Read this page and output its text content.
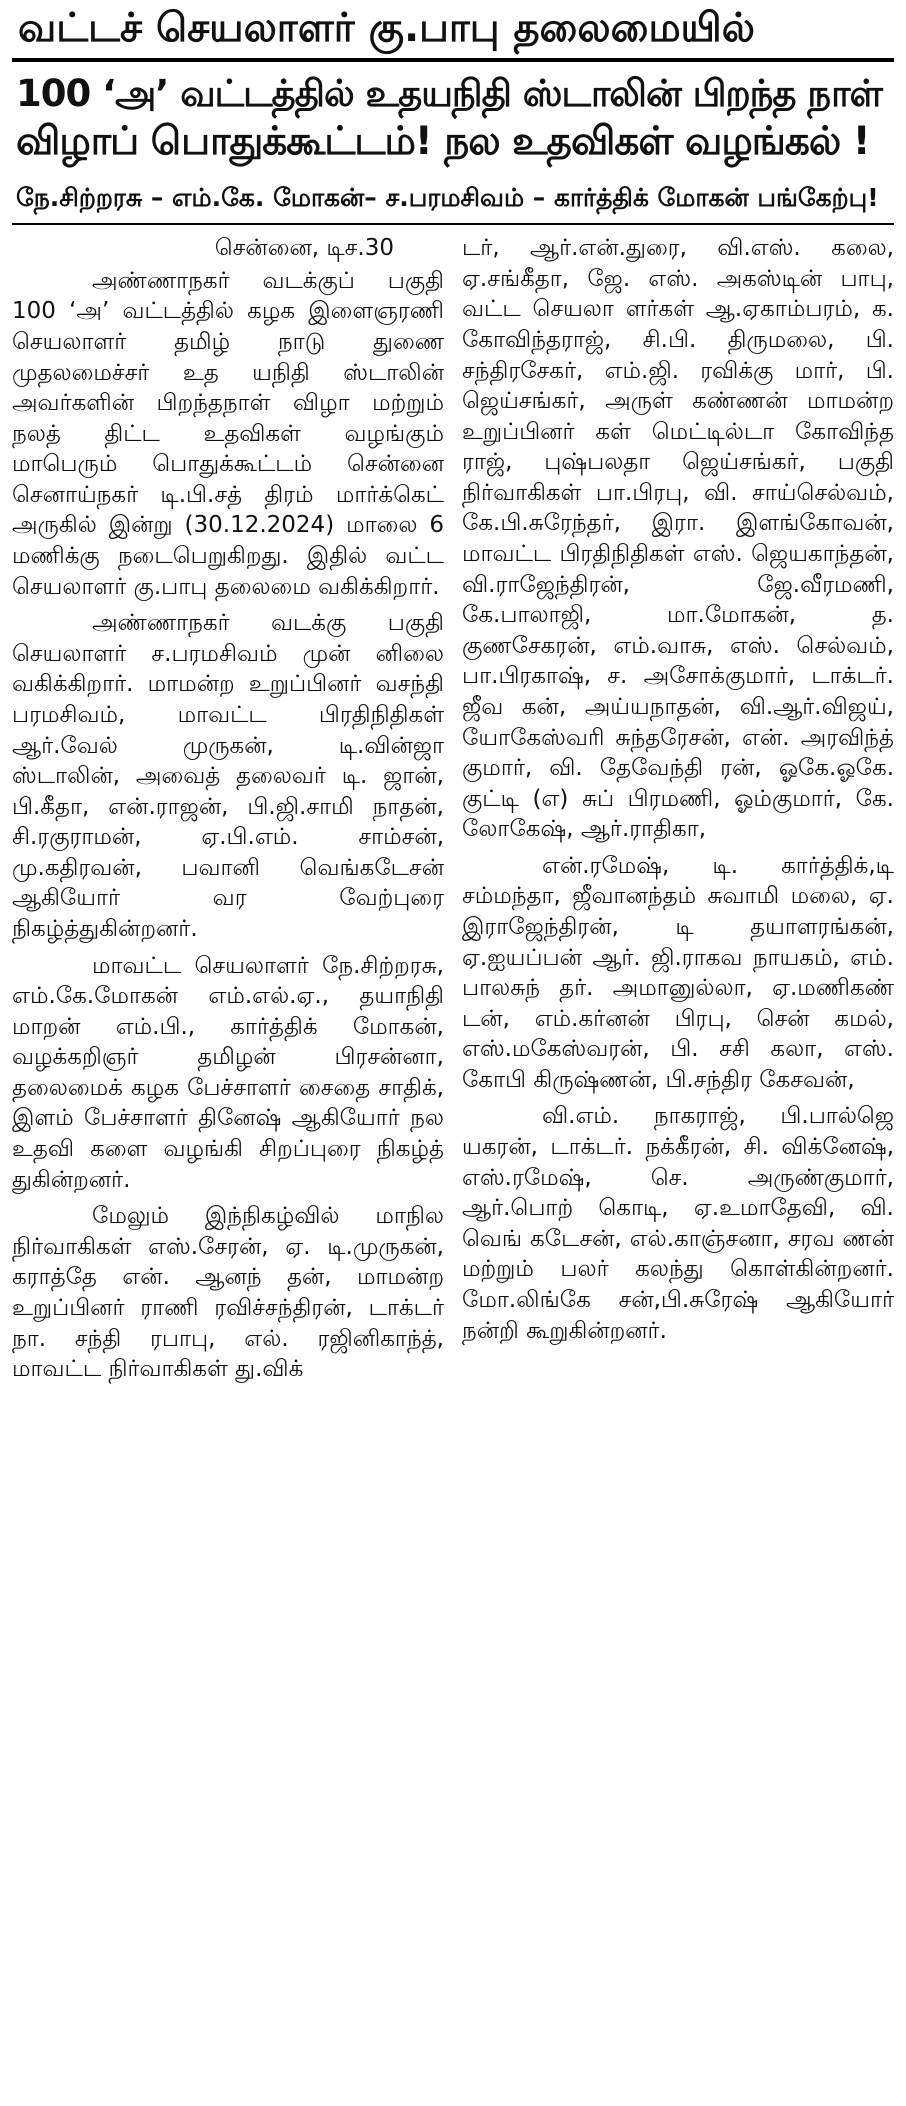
வட்டச் செயலாளர் கு.பாபு தலைமையில்
100 ‘அ’ வட்டத்தில் உதயநிதி ஸ்டாலின் பிறந்த நாள்
விழாப் பொதுக்கூட்டம்! நல உதவிகள் வழங்கல் !
நே.சிற்றரசு – எம்.கே. மோகன்– ச.பரமசிவம் – கார்த்திக் மோகன் பங்கேற்பு!

சென்னை, டிச.30

அண்ணாநகர் வடக்குப் பகுதி 100 ‘அ’ வட்டத்தில் கழக இளைஞரணி செயலாளர் தமிழ் நாடு துணை முதலமைச்சர் உத யநிதி ஸ்டாலின் அவர்களின் பிறந்தநாள் விழா மற்றும் நலத் திட்ட உதவிகள் வழங்கும் மாபெரும் பொதுக்கூட்டம் சென்னை செனாய்நகர் டி.பி.சத் திரம் மார்க்கெட் அருகில் இன்று (30.12.2024) மாலை 6 மணிக்கு நடைபெறுகிறது. இதில் வட்ட செயலாளர் கு.பாபு தலைமை வகிக்கிறார்.

அண்ணாநகர் வடக்கு பகுதி செயலாளர் ச.பரமசிவம் முன் னிலை வகிக்கிறார். மாமன்ற உறுப்பினர் வசந்தி பரமசிவம், மாவட்ட பிரதிநிதிகள் ஆர்.வேல் முருகன், டி.வின்ஜா ஸ்டாலின், அவைத் தலைவர் டி. ஜான், பி.கீதா, என்.ராஜன், பி.ஜி.சாமி நாதன், சி.ரகுராமன், ஏ.பி.எம். சாம்சன், மு.கதிரவன், பவானி வெங்கடேசன் ஆகியோர் வர வேற்புரை நிகழ்த்துகின்றனர்.

மாவட்ட செயலாளர் நே.சிற்றரசு, எம்.கே.மோகன் எம்.எல்.ஏ., தயாநிதி மாறன் எம்.பி., கார்த்திக் மோகன், வழக்கறிஞர் தமிழன் பிரசன்னா, தலைமைக் கழக பேச்சாளர் சைதை சாதிக், இளம் பேச்சாளர் தினேஷ் ஆகியோர் நல உதவி களை வழங்கி சிறப்புரை நிகழ்த் துகின்றனர்.

மேலும் இந்நிகழ்வில் மாநில நிர்வாகிகள் எஸ்.சேரன், ஏ. டி.முருகன், கராத்தே என். ஆனந் தன், மாமன்ற உறுப்பினர் ராணி ரவிச்சந்திரன், டாக்டர் நா. சந்தி ரபாபு, எல். ரஜினிகாந்த், மாவட்ட நிர்வாகிகள் து.விக்

டர், ஆர்.என்.துரை, வி.எஸ். கலை, ஏ.சங்கீதா, ஜே. எஸ். அகஸ்டின் பாபு, வட்ட செயலா ளர்கள் ஆ.ஏகாம்பரம், க. கோவிந்தராஜ், சி.பி. திருமலை, பி. சந்திரசேகர், எம்.ஜி. ரவிக்கு மார், பி. ஜெய்சங்கர், அருள் கண்ணன் மாமன்ற உறுப்பினர் கள் மெட்டில்டா கோவிந்த ராஜ், புஷ்பலதா ஜெய்சங்கர், பகுதி நிர்வாகிகள் பா.பிரபு, வி. சாய்செல்வம், கே.பி.சுரேந்தர், இரா. இளங்கோவன், மாவட்ட பிரதிநிதிகள் எஸ். ஜெயகாந்தன், வி.ராஜேந்திரன், ஜே.வீரமணி, கே.பாலாஜி, மா.மோகன், த. குணசேகரன், எம்.வாசு, எஸ். செல்வம், பா.பிரகாஷ், ச. அசோக்குமார், டாக்டர். ஜீவ கன், அய்யநாதன், வி.ஆர்.விஜய், யோகேஸ்வரி சுந்தரேசன், என். அரவிந்த் குமார், வி. தேவேந்தி ரன், ஓகே.ஓகே. குட்டி (எ) சுப் பிரமணி, ஓம்குமார், கே. லோகேஷ், ஆர்.ராதிகா,

என்.ரமேஷ், டி. கார்த்திக்,டி சம்மந்தா, ஜீவானந்தம் சுவாமி மலை, ஏ. இராஜேந்திரன், டி தயாளரங்கன், ஏ.ஐயப்பன் ஆர். ஜி.ராகவ நாயகம், எம். பாலசுந் தர். அமானுல்லா, ஏ.மணிகண் டன், எம்.கர்னன் பிரபு, சென் கமல், எஸ்.மகேஸ்வரன், பி. சசி கலா, எஸ். கோபி கிருஷ்ணன், பி.சந்திர கேசவன்,

வி.எம். நாகராஜ், பி.பால்ஜெ யகரன், டாக்டர். நக்கீரன், சி. விக்னேஷ், எஸ்.ரமேஷ், செ. அருண்குமார், ஆர்.பொற் கொடி, ஏ.உமாதேவி, வி. வெங் கடேசன், எல்.காஞ்சனா, சரவ ணன் மற்றும் பலர் கலந்து கொள்கின்றனர். மோ.லிங்கே சன்,பி.சுரேஷ் ஆகியோர் நன்றி கூறுகின்றனர்.
